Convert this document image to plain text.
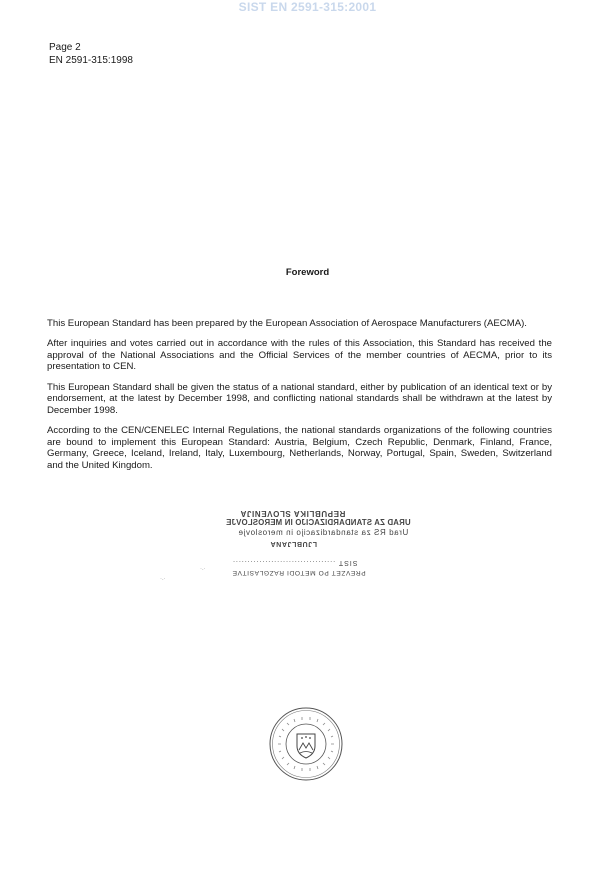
SIST EN 2591-315:2001
Page 2
EN 2591-315:1998
Foreword

This European Standard has been prepared by the European Association of Aerospace Manufacturers (AECMA).

After inquiries and votes carried out in accordance with the rules of this Association, this Standard has received the approval of the National Associations and the Official Services of the member countries of AECMA, prior to its presentation to CEN.

This European Standard shall be given the status of a national standard, either by publication of an identical text or by endorsement, at the latest by December 1998, and conflicting national standards shall be withdrawn at the latest by December 1998.

According to the CEN/CENELEC Internal Regulations, the national standards organizations of the following countries are bound to implement this European Standard: Austria, Belgium, Czech Republic, Denmark, Finland, France, Germany, Greece, Iceland, Ireland, Italy, Luxembourg, Netherlands, Norway, Portugal, Spain, Sweden, Switzerland and the United Kingdom.

REPUBLIKA SLOVENIJA
URAD ZA STANDARDIZACIJO IN MEROSLOVJE
Urad RS za standardizacijo in meroslovje
LJUBLJANA
SIST ...................................
PREVZET PO METODI RAZGLASITVE
·.·
·.·
